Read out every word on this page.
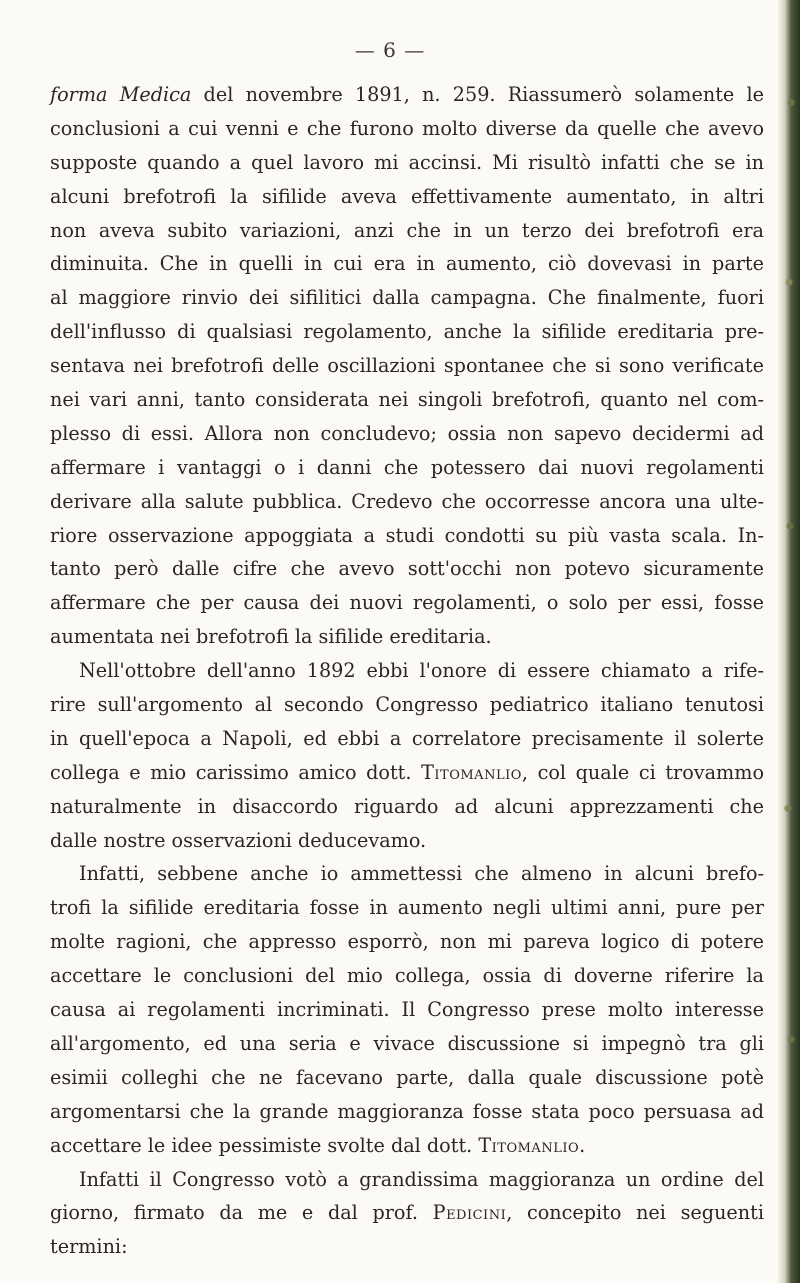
— 6 —
forma Medica del novembre 1891, n. 259. Riassumerò solamente le
conclusioni a cui venni e che furono molto diverse da quelle che avevo
supposte quando a quel lavoro mi accinsi. Mi risultò infatti che se in
alcuni brefotrofi la sifilide aveva effettivamente aumentato, in altri
non aveva subito variazioni, anzi che in un terzo dei brefotrofi era
diminuita. Che in quelli in cui era in aumento, ciò dovevasi in parte
al maggiore rinvio dei sifilitici dalla campagna. Che finalmente, fuori
dell'influsso di qualsiasi regolamento, anche la sifilide ereditaria pre-
sentava nei brefotrofi delle oscillazioni spontanee che si sono verificate
nei vari anni, tanto considerata nei singoli brefotrofi, quanto nel com-
plesso di essi. Allora non concludevo; ossia non sapevo decidermi ad
affermare i vantaggi o i danni che potessero dai nuovi regolamenti
derivare alla salute pubblica. Credevo che occorresse ancora una ulte-
riore osservazione appoggiata a studi condotti su più vasta scala. In-
tanto però dalle cifre che avevo sott'occhi non potevo sicuramente
affermare che per causa dei nuovi regolamenti, o solo per essi, fosse
aumentata nei brefotrofi la sifilide ereditaria.
Nell'ottobre dell'anno 1892 ebbi l'onore di essere chiamato a rife-
rire sull'argomento al secondo Congresso pediatrico italiano tenutosi
in quell'epoca a Napoli, ed ebbi a correlatore precisamente il solerte
collega e mio carissimo amico dott. Titomanlio, col quale ci trovammo
naturalmente in disaccordo riguardo ad alcuni apprezzamenti che
dalle nostre osservazioni deducevamo.
Infatti, sebbene anche io ammettessi che almeno in alcuni brefo-
trofi la sifilide ereditaria fosse in aumento negli ultimi anni, pure per
molte ragioni, che appresso esporrò, non mi pareva logico di potere
accettare le conclusioni del mio collega, ossia di doverne riferire la
causa ai regolamenti incriminati. Il Congresso prese molto interesse
all'argomento, ed una seria e vivace discussione si impegnò tra gli
esimii colleghi che ne facevano parte, dalla quale discussione potè
argomentarsi che la grande maggioranza fosse stata poco persuasa ad
accettare le idee pessimiste svolte dal dott. Titomanlio.
Infatti il Congresso votò a grandissima maggioranza un ordine del
giorno, firmato da me e dal prof. Pedicini, concepito nei seguenti
termini:
